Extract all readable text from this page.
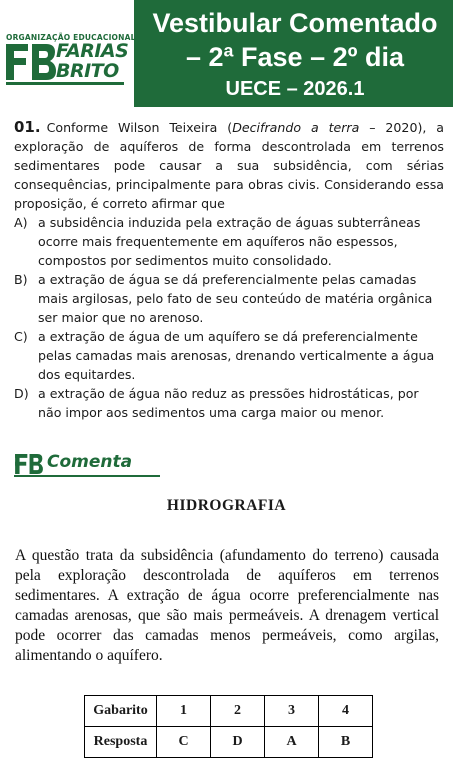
ORGANIZAÇÃO EDUCACIONAL
FARIAS
BRITO
Vestibular Comentado
– 2ª Fase – 2º dia
UECE – 2026.1
01. Conforme Wilson Teixeira (Decifrando a terra – 2020), a exploração de aquíferos de forma descontrolada em terrenos sedimentares pode causar a sua subsidência, com sérias consequências, principalmente para obras civis. Considerando essa proposição, é correto afirmar que
A) a subsidência induzida pela extração de águas subterrâneas ocorre mais frequentemente em aquíferos não espessos, compostos por sedimentos muito consolidado.
B) a extração de água se dá preferencialmente pelas camadas mais argilosas, pelo fato de seu conteúdo de matéria orgânica ser maior que no arenoso.
C) a extração de água de um aquífero se dá preferencialmente pelas camadas mais arenosas, drenando verticalmente a água dos equitardes.
D) a extração de água não reduz as pressões hidrostáticas, por não impor aos sedimentos uma carga maior ou menor.
Comenta
HIDROGRAFIA
A questão trata da subsidência (afundamento do terreno) causada pela exploração descontrolada de aquíferos em terrenos sedimentares. A extração de água ocorre preferencialmente nas camadas arenosas, que são mais permeáveis. A drenagem vertical pode ocorrer das camadas menos permeáveis, como argilas, alimentando o aquífero.
Gabarito	1	2	3	4
Resposta	C	D	A	B
